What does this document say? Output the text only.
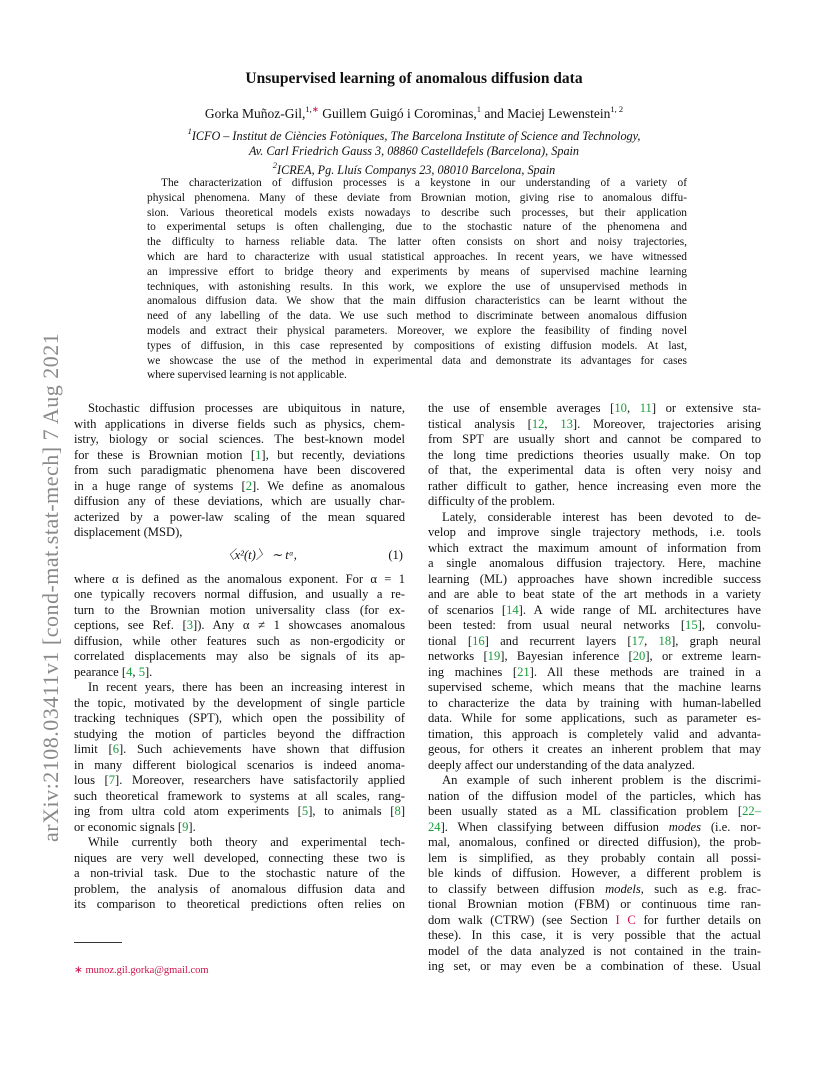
arXiv:2108.03411v1 [cond-mat.stat-mech] 7 Aug 2021
Unsupervised learning of anomalous diffusion data
Gorka Muñoz-Gil,$^{1,∗}$ Guillem Guigó i Corominas,$^1$ and Maciej Lewenstein$^{1, 2}$
$^1$ICFO – Institut de Ciències Fotòniques, The Barcelona Institute of Science and Technology,
Av. Carl Friedrich Gauss 3, 08860 Castelldefels (Barcelona), Spain
$^2$ICREA, Pg. Lluís Companys 23, 08010 Barcelona, Spain
The characterization of diffusion processes is a keystone in our understanding of a variety of
physical phenomena. Many of these deviate from Brownian motion, giving rise to anomalous diffu-
sion. Various theoretical models exists nowadays to describe such processes, but their application
to experimental setups is often challenging, due to the stochastic nature of the phenomena and
the difficulty to harness reliable data. The latter often consists on short and noisy trajectories,
which are hard to characterize with usual statistical approaches. In recent years, we have witnessed
an impressive effort to bridge theory and experiments by means of supervised machine learning
techniques, with astonishing results. In this work, we explore the use of unsupervised methods in
anomalous diffusion data. We show that the main diffusion characteristics can be learnt without the
need of any labelling of the data. We use such method to discriminate between anomalous diffusion
models and extract their physical parameters. Moreover, we explore the feasibility of finding novel
types of diffusion, in this case represented by compositions of existing diffusion models. At last,
we showcase the use of the method in experimental data and demonstrate its advantages for cases
where supervised learning is not applicable.
Stochastic diffusion processes are ubiquitous in nature,
with applications in diverse fields such as physics, chem-
istry, biology or social sciences. The best-known model
for these is Brownian motion [1], but recently, deviations
from such paradigmatic phenomena have been discovered
in a huge range of systems [2]. We define as anomalous
diffusion any of these deviations, which are usually char-
acterized by a power-law scaling of the mean squared
displacement (MSD),
〈x²(t)〉 ∼ tᵅ,	(1)
where α is defined as the anomalous exponent. For α = 1
one typically recovers normal diffusion, and usually a re-
turn to the Brownian motion universality class (for ex-
ceptions, see Ref. [3]). Any α ≠ 1 showcases anomalous
diffusion, while other features such as non-ergodicity or
correlated displacements may also be signals of its ap-
pearance [4, 5].
In recent years, there has been an increasing interest in
the topic, motivated by the development of single particle
tracking techniques (SPT), which open the possibility of
studying the motion of particles beyond the diffraction
limit [6]. Such achievements have shown that diffusion
in many different biological scenarios is indeed anoma-
lous [7]. Moreover, researchers have satisfactorily applied
such theoretical framework to systems at all scales, rang-
ing from ultra cold atom experiments [5], to animals [8]
or economic signals [9].
While currently both theory and experimental tech-
niques are very well developed, connecting these two is
a non-trivial task. Due to the stochastic nature of the
problem, the analysis of anomalous diffusion data and
its comparison to theoretical predictions often relies on
the use of ensemble averages [10, 11] or extensive sta-
tistical analysis [12, 13]. Moreover, trajectories arising
from SPT are usually short and cannot be compared to
the long time predictions theories usually make. On top
of that, the experimental data is often very noisy and
rather difficult to gather, hence increasing even more the
difficulty of the problem.
Lately, considerable interest has been devoted to de-
velop and improve single trajectory methods, i.e. tools
which extract the maximum amount of information from
a single anomalous diffusion trajectory. Here, machine
learning (ML) approaches have shown incredible success
and are able to beat state of the art methods in a variety
of scenarios [14]. A wide range of ML architectures have
been tested: from usual neural networks [15], convolu-
tional [16] and recurrent layers [17, 18], graph neural
networks [19], Bayesian inference [20], or extreme learn-
ing machines [21]. All these methods are trained in a
supervised scheme, which means that the machine learns
to characterize the data by training with human-labelled
data. While for some applications, such as parameter es-
timation, this approach is completely valid and advanta-
geous, for others it creates an inherent problem that may
deeply affect our understanding of the data analyzed.
An example of such inherent problem is the discrimi-
nation of the diffusion model of the particles, which has
been usually stated as a ML classification problem [22–
24]. When classifying between diffusion modes (i.e. nor-
mal, anomalous, confined or directed diffusion), the prob-
lem is simplified, as they probably contain all possi-
ble kinds of diffusion. However, a different problem is
to classify between diffusion models, such as e.g. frac-
tional Brownian motion (FBM) or continuous time ran-
dom walk (CTRW) (see Section I C for further details on
these). In this case, it is very possible that the actual
model of the data analyzed is not contained in the train-
ing set, or may even be a combination of these. Usual
∗ munoz.gil.gorka@gmail.com
